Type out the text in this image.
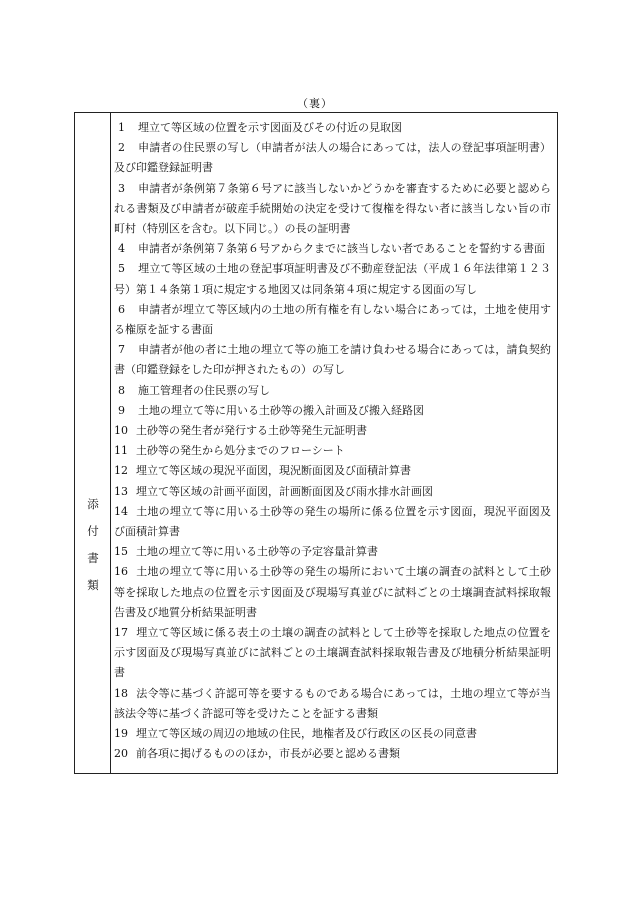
（裏）
添
付
書
類
1 埋立て等区域の位置を示す図面及びその付近の見取図
2 申請者の住民票の写し（申請者が法人の場合にあっては，法人の登記事項証明書）及び印鑑登録証明書
3 申請者が条例第７条第６号アに該当しないかどうかを審査するために必要と認められる書類及び申請者が破産手続開始の決定を受けて復権を得ない者に該当しない旨の市町村（特別区を含む。以下同じ。）の長の証明書
4 申請者が条例第７条第６号アからクまでに該当しない者であることを誓約する書面
5 埋立て等区域の土地の登記事項証明書及び不動産登記法（平成１６年法律第１２３号）第１４条第１項に規定する地図又は同条第４項に規定する図面の写し
6 申請者が埋立て等区域内の土地の所有権を有しない場合にあっては，土地を使用する権原を証する書面
7 申請者が他の者に土地の埋立て等の施工を請け負わせる場合にあっては，請負契約書（印鑑登録をした印が押されたもの）の写し
8 施工管理者の住民票の写し
9 土地の埋立て等に用いる土砂等の搬入計画及び搬入経路図
10 土砂等の発生者が発行する土砂等発生元証明書
11 土砂等の発生から処分までのフローシート
12 埋立て等区域の現況平面図，現況断面図及び面積計算書
13 埋立て等区域の計画平面図，計画断面図及び雨水排水計画図
14 土地の埋立て等に用いる土砂等の発生の場所に係る位置を示す図面，現況平面図及び面積計算書
15 土地の埋立て等に用いる土砂等の予定容量計算書
16 土地の埋立て等に用いる土砂等の発生の場所において土壌の調査の試料として土砂等を採取した地点の位置を示す図面及び現場写真並びに試料ごとの土壌調査試料採取報告書及び地質分析結果証明書
17 埋立て等区域に係る表土の土壌の調査の試料として土砂等を採取した地点の位置を示す図面及び現場写真並びに試料ごとの土壌調査試料採取報告書及び地積分析結果証明書
18 法令等に基づく許認可等を要するものである場合にあっては，土地の埋立て等が当該法令等に基づく許認可等を受けたことを証する書類
19 埋立て等区域の周辺の地域の住民，地権者及び行政区の区長の同意書
20 前各項に掲げるもののほか，市長が必要と認める書類
